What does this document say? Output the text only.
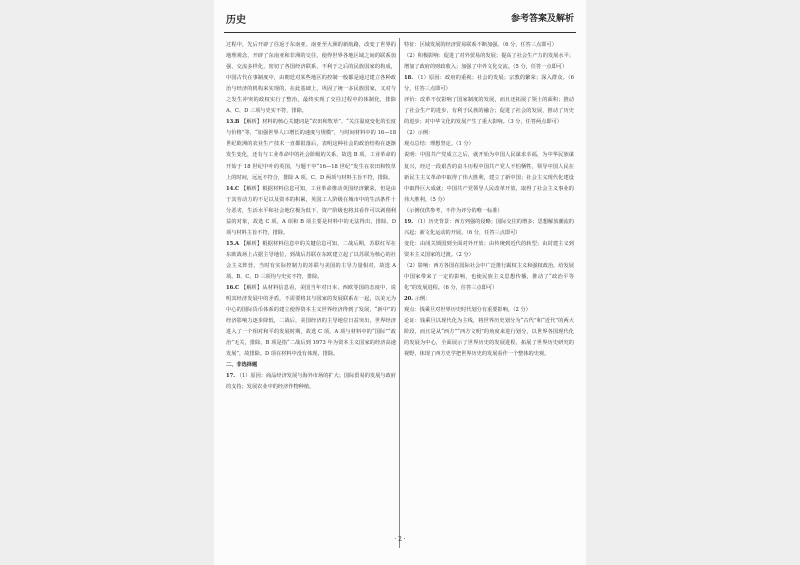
历史	参考答案及解析

过程中，先后开辟了往返于东南亚、南亚至大洲的新航路，改变了世界的地理观念，开辟了东南亚和非洲的交往，使得世界各地区域之间的联系加强，交流多样化，密切了各国经济联系，不利于之后的民族国家的构成，中国古代在事制度中，由朝廷对某些地区的控制一般都是通过建立各种政治与经济的机构来实现的，在此基础上，巩固了统一多民族国家，又对与之发生冲突的政权实行了整治，最终实现了交往过程中的体制化，排除 A、C、D 三项与史实不符，排除。

13.B 【解析】材料的核心关键词是“农田和牧草”、“关注温度变化的长度与价格”等，“加强世界人口增长的速度与规模”，与时间材料中的 16—18 世纪欧洲的农业生产技术一直都很落后，表明这种社会的政治结构在逐渐发生变化，还有与工业革命中的社会阶级的关系，故选 B 项。工业革命的开始于 18 世纪中叶的英国，与题干中“16—18 世纪”发生在农田和牧草上的时间，远远不符合，排除 A 项。C、D 两项与材料主旨不符，排除。

14.C 【解析】根据材料信息可知，工业革命推动英国经济繁荣，但是由于其劳动力的不足以及资本的积累，英国工人阶级在城市中的生活条件十分恶劣，生活水平和社会地位极为低下，资产阶级也将其看作可以剥削利益的对象，故选 C 项。A 项和 B 项主要是材料中的无法得出，排除。D 项与材料主旨不符，排除。

15.A 【解析】根据材料信息中的关键信息可知，二战后期，苏联红军在东欧战场上占据主导地位，到战后苏联在东欧建立起了以苏联为核心的社会主义阵营，当时有实际控制力的苏联与美国的主导力量相对，故选 A 项。B、C、D 三项均与史实不符，排除。

16.C 【解析】从材料信息看，美国当年对日本、西欧等国的态度中，说明其经济发展中的矛盾，不需要将其与国家的发展联系在一起，以美元为中心的国际货币体系的建立使得资本主义世界经济得到了发展，“新中”的经济影响力逐步降低，二战后，美国经济的主导地位日益突出，世界经济进入了一个相对和平的发展时期，故选 C 项。A 项与材料中的“国际”“政治”无关，排除。B 项是指“二战后到 1973 年为资本主义国家的经济高速发展”，故排除。D 项在材料中没有体现，排除。

二、非选择题

17. （1）原因：商品经济发展与海外市场的扩大；国际贸易的发展与政府的支持；发展农业中的经济作物种植。

特征：区域发展的经济贸易联系不断加强。（6 分，任答三点即可）

（2）积极影响：促进了对外贸易的发展；提高了社会生产力的发展水平；增加了政府的财政收入；加强了中外文化交流。（5 分，任答一点即可）

18. （1）原因：政府的重视；社会的发展；宗教的繁荣；深入群众。（6 分，任答三点即可）

评价：改革不仅影响了国家制度的发展，而且还拓展了领土的面积；推动了社会生产的进步，有利于民族的融合；促进了社会的发展，推动了历史的进步；对中华文化的发展产生了重大影响。（3 分，任答两点即可）

（2）示例：

观点总结：理想坚定。（1 分）

说明：中国共产党成立之后，就开始为中国人民谋求幸福，为中华民族谋复兴，经过一段艰苦的奋斗历程中国共产党人不怕牺牲，领导中国人民在新民主主义革命中取得了伟大胜利，建立了新中国；社会主义现代化建设中取得巨大成就；中国共产党领导人民改革开放，取得了社会主义事业的伟大胜利。（5 分）

（示例仅供参考，不作为评分的唯一标准）

19. （1）历史背景：西方列强的侵略；国际交往的增多；思想解放潮流的兴起；新文化运动的开展。（6 分，任答三点即可）

变化：由闭关锁国到全面对外开放；由传统到近代的转型；由封建主义到资本主义国家的过渡。（2 分）

（2）影响：西方各国在国际社会中广泛推行霸权主义和强权政治，给发展中国家带来了一定的影响，也使民族主义思想传播，推动了“政治平等化”的发展进程。（6 分，任答三点即可）

20. 示例：

观点：钱乘旦对世界历史时代划分有重要影响。（2 分）

论证：钱乘旦以现代化为主线，将世界历史划分为“古代”和“近代”的两大阶段，而且是从“西方”“西方文明”的角度来进行划分，以世界各国现代化的发展为中心，全面展示了世界历史的发展进程，拓展了世界历史研究的视野，体现了西方史学把世界历史的发展看作一个整体的史观。

· 2 ·
